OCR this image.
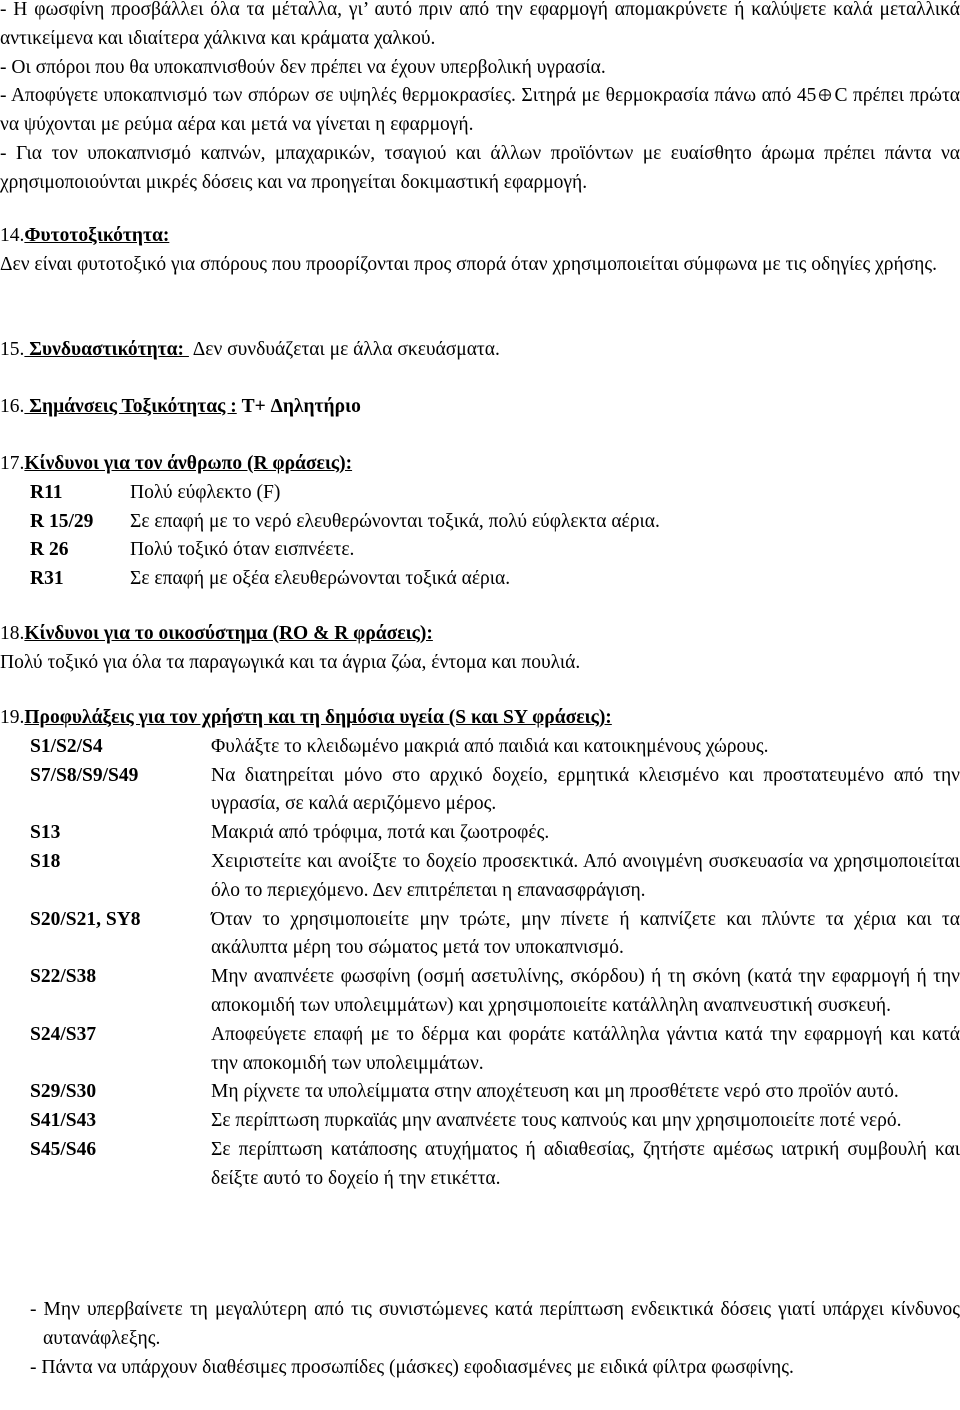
- Η φωσφίνη προσβάλλει όλα τα μέταλλα, γι’ αυτό πριν από την εφαρμογή απομακρύνετε ή καλύψετε καλά μεταλλικά αντικείμενα και ιδιαίτερα χάλκινα και κράματα χαλκού.

- Οι σπόροι που θα υποκαπνισθούν δεν πρέπει να έχουν υπερβολική υγρασία.

- Αποφύγετε υποκαπνισμό των σπόρων σε υψηλές θερμοκρασίες. Σιτηρά με θερμοκρασία πάνω από 45 C πρέπει πρώτα να ψύχονται με ρεύμα αέρα και μετά να γίνεται η εφαρμογή.

- Για τον υποκαπνισμό καπνών, μπαχαρικών, τσαγιού και άλλων προϊόντων με ευαίσθητο άρωμα πρέπει πάντα να χρησιμοποιούνται μικρές δόσεις και να προηγείται δοκιμαστική εφαρμογή.

14.Φυτοτοξικότητα:

Δεν είναι φυτοτοξικό για σπόρους που προορίζονται προς σπορά όταν χρησιμοποιείται σύμφωνα με τις οδηγίες χρήσης.

15. Συνδυαστικότητα:  Δεν συνδυάζεται με άλλα σκευάσματα.

16. Σημάνσεις Τοξικότητας : T+ Δηλητήριο

17.Κίνδυνοι για τον άνθρωπο (R φράσεις):

R11	Πολύ εύφλεκτο (F)
R 15/29	Σε επαφή με το νερό ελευθερώνονται τοξικά, πολύ εύφλεκτα αέρια.
R 26	Πολύ τοξικό όταν εισπνέετε.
R31	Σε επαφή με οξέα ελευθερώνονται τοξικά αέρια.

18.Κίνδυνοι για το οικοσύστημα (RO & R φράσεις):

Πολύ τοξικό για όλα τα παραγωγικά και τα άγρια ζώα, έντομα και πουλιά.

19.Προφυλάξεις για τον χρήστη και τη δημόσια υγεία (S και SY φράσεις):

S1/S2/S4	Φυλάξτε το κλειδωμένο μακριά από παιδιά και κατοικημένους χώρους.
S7/S8/S9/S49	Να διατηρείται μόνο στο αρχικό δοχείο, ερμητικά κλεισμένο και προστατευμένο από την υγρασία, σε καλά αεριζόμενο μέρος.
S13	Μακριά από τρόφιμα, ποτά και ζωοτροφές.
S18	Χειριστείτε και ανοίξτε το δοχείο προσεκτικά. Από ανοιγμένη συσκευασία να χρησιμοποιείται όλο το περιεχόμενο. Δεν επιτρέπεται η επανασφράγιση.
S20/S21, SY8	Όταν το χρησιμοποιείτε μην τρώτε, μην πίνετε ή καπνίζετε και πλύντε τα χέρια και τα ακάλυπτα μέρη του σώματος μετά τον υποκαπνισμό.
S22/S38	Μην αναπνέετε φωσφίνη (οσμή ασετυλίνης, σκόρδου) ή τη σκόνη (κατά την εφαρμογή ή την αποκομιδή των υπολειμμάτων) και χρησιμοποιείτε κατάλληλη αναπνευστική συσκευή.
S24/S37	Αποφεύγετε επαφή με το δέρμα και φοράτε κατάλληλα γάντια κατά την εφαρμογή και κατά την αποκομιδή των υπολειμμάτων.
S29/S30	Μη ρίχνετε τα υπολείμματα στην αποχέτευση και μη προσθέτετε νερό στο προϊόν αυτό.
S41/S43	Σε περίπτωση πυρκαϊάς μην αναπνέετε τους καπνούς και μην χρησιμοποιείτε ποτέ νερό.
S45/S46	Σε περίπτωση κατάποσης ατυχήματος ή αδιαθεσίας, ζητήστε αμέσως ιατρική συμβουλή και δείξτε αυτό το δοχείο ή την ετικέττα.

- Μην υπερβαίνετε τη μεγαλύτερη από τις συνιστώμενες κατά περίπτωση ενδεικτικά δόσεις γιατί υπάρχει κίνδυνος αυτανάφλεξης.

- Πάντα να υπάρχουν διαθέσιμες προσωπίδες (μάσκες) εφοδιασμένες με ειδικά φίλτρα φωσφίνης.
